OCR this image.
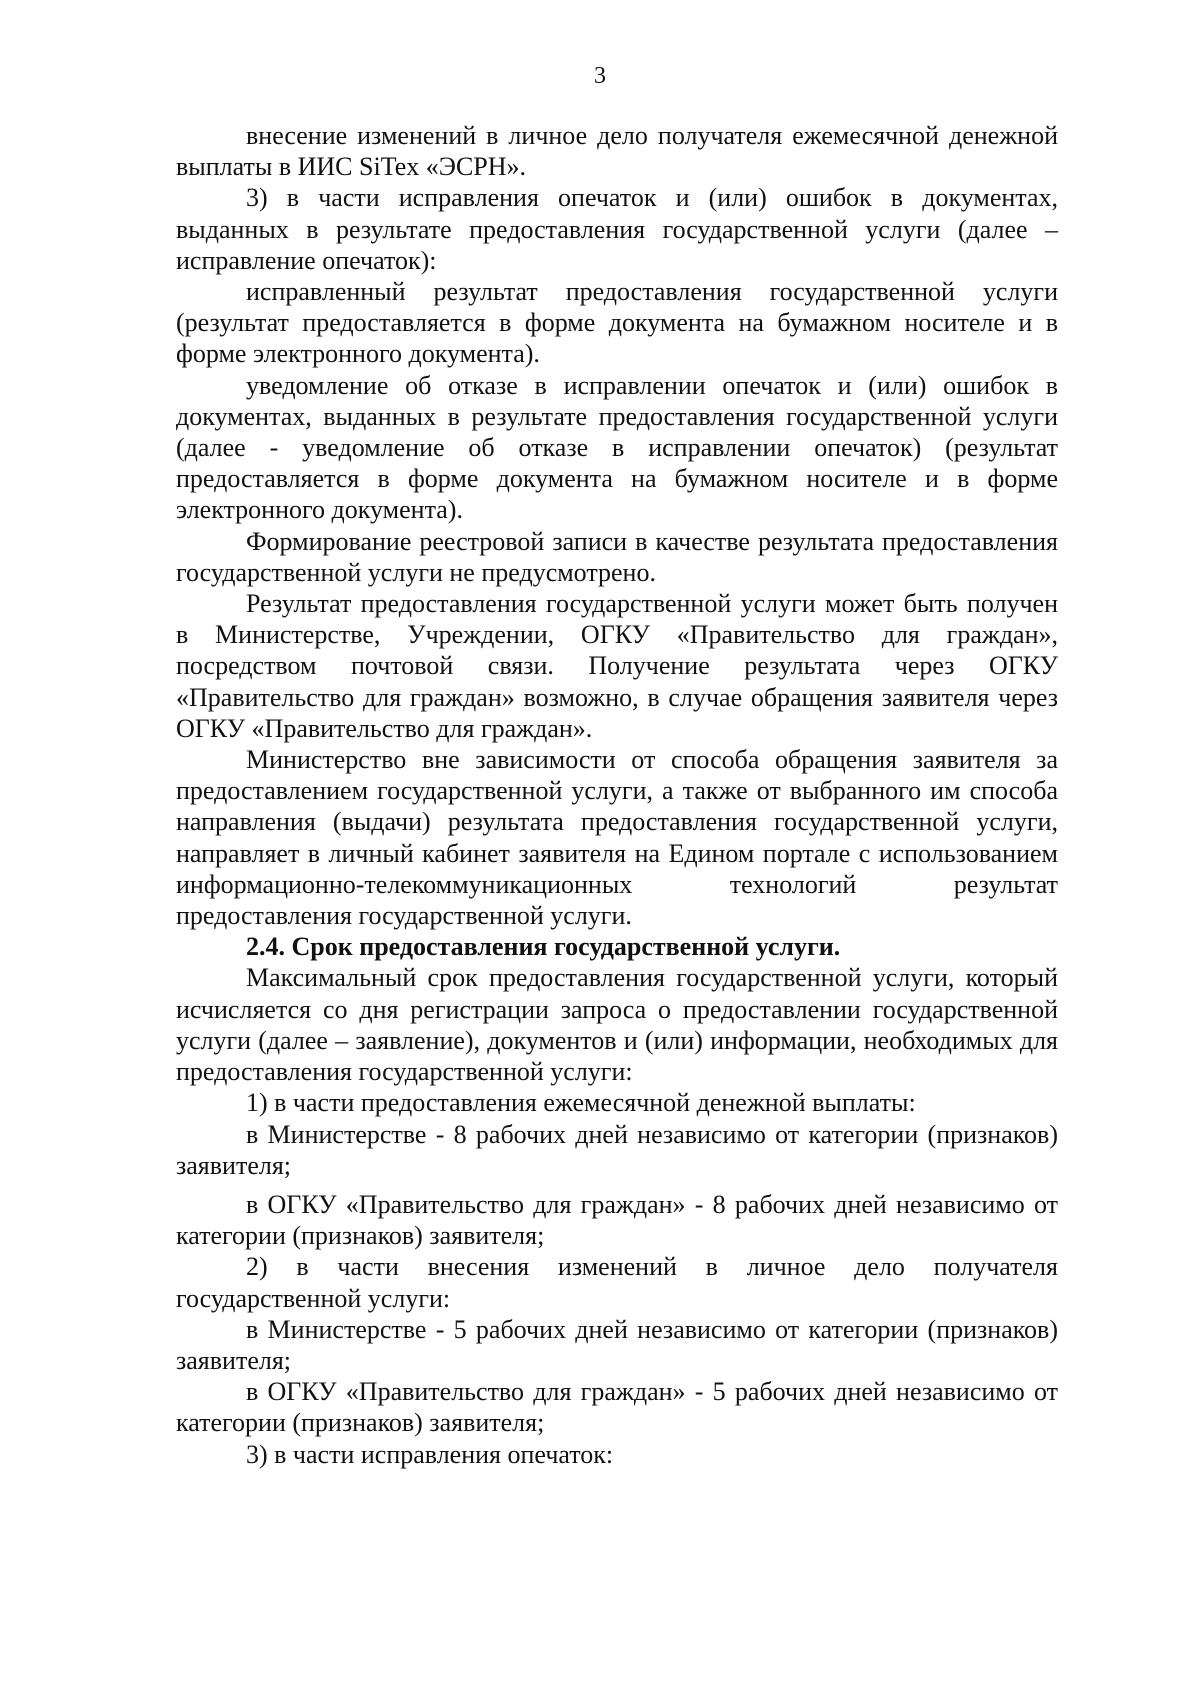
3

внесение изменений в личное дело получателя ежемесячной денежной выплаты в ИИС SiTex «ЭСРН».

3) в части исправления опечаток и (или) ошибок в документах, выданных в результате предоставления государственной услуги (далее – исправление опечаток):

исправленный результат предоставления государственной услуги (результат предоставляется в форме документа на бумажном носителе и в форме электронного документа).

уведомление об отказе в исправлении опечаток и (или) ошибок в документах, выданных в результате предоставления государственной услуги (далее - уведомление об отказе в исправлении опечаток) (результат предоставляется в форме документа на бумажном носителе и в форме электронного документа).

Формирование реестровой записи в качестве результата предоставления государственной услуги не предусмотрено.

Результат предоставления государственной услуги может быть получен в Министерстве, Учреждении, ОГКУ «Правительство для граждан», посредством почтовой связи. Получение результата через ОГКУ «Правительство для граждан» возможно, в случае обращения заявителя через ОГКУ «Правительство для граждан».

Министерство вне зависимости от способа обращения заявителя за предоставлением государственной услуги, а также от выбранного им способа направления (выдачи) результата предоставления государственной услуги, направляет в личный кабинет заявителя на Едином портале с использованием информационно-телекоммуникационных технологий результат предоставления государственной услуги.

2.4. Срок предоставления государственной услуги.

Максимальный срок предоставления государственной услуги, который исчисляется со дня регистрации запроса о предоставлении государственной услуги (далее – заявление), документов и (или) информации, необходимых для предоставления государственной услуги:

1) в части предоставления ежемесячной денежной выплаты:

в Министерстве - 8 рабочих дней независимо от категории (признаков) заявителя;

в ОГКУ «Правительство для граждан» - 8 рабочих дней независимо от категории (признаков) заявителя;

2) в части внесения изменений в личное дело получателя государственной услуги:

в Министерстве - 5 рабочих дней независимо от категории (признаков) заявителя;

в ОГКУ «Правительство для граждан» - 5 рабочих дней независимо от категории (признаков) заявителя;

3) в части исправления опечаток:
